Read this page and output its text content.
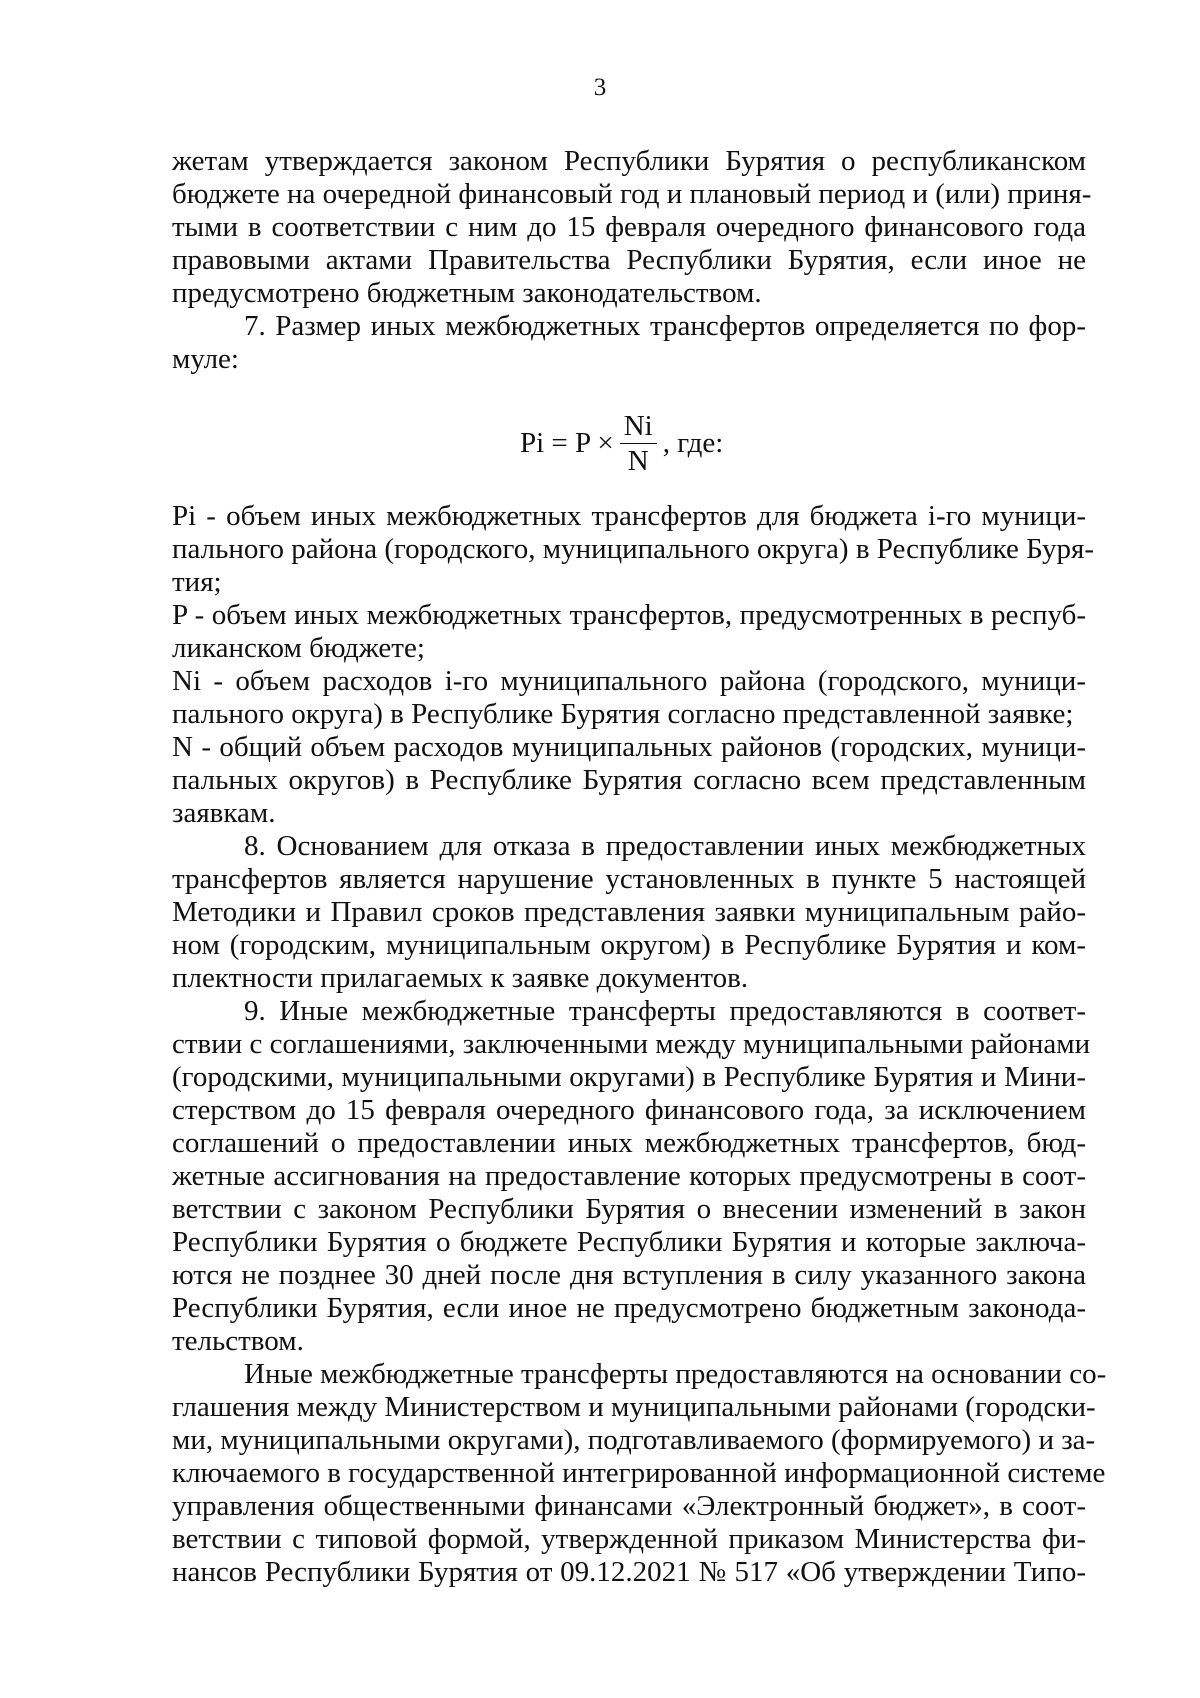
3
жетам утверждается законом Республики Бурятия о республиканском
бюджете на очередной финансовый год и плановый период и (или) приня-
тыми в соответствии с ним до 15 февраля очередного финансового года
правовыми актами Правительства Республики Бурятия, если иное не
предусмотрено бюджетным законодательством.
7. Размер иных межбюджетных трансфертов определяется по фор-
муле:
$Pi = P \times \frac{Ni}{N}$ , где:
Pi - объем иных межбюджетных трансфертов для бюджета i-го муници-
пального района (городского, муниципального округа) в Республике Буря-
тия;
P - объем иных межбюджетных трансфертов, предусмотренных в респуб-
ликанском бюджете;
Ni - объем расходов i-го муниципального района (городского, муници-
пального округа) в Республике Бурятия согласно представленной заявке;
N - общий объем расходов муниципальных районов (городских, муници-
пальных округов) в Республике Бурятия согласно всем представленным
заявкам.
8. Основанием для отказа в предоставлении иных межбюджетных
трансфертов является нарушение установленных в пункте 5 настоящей
Методики и Правил сроков представления заявки муниципальным райо-
ном (городским, муниципальным округом) в Республике Бурятия и ком-
плектности прилагаемых к заявке документов.
9. Иные межбюджетные трансферты предоставляются в соответ-
ствии с соглашениями, заключенными между муниципальными районами
(городскими, муниципальными округами) в Республике Бурятия и Мини-
стерством до 15 февраля очередного финансового года, за исключением
соглашений о предоставлении иных межбюджетных трансфертов, бюд-
жетные ассигнования на предоставление которых предусмотрены в соот-
ветствии с законом Республики Бурятия о внесении изменений в закон
Республики Бурятия о бюджете Республики Бурятия и которые заключа-
ются не позднее 30 дней после дня вступления в силу указанного закона
Республики Бурятия, если иное не предусмотрено бюджетным законода-
тельством.
Иные межбюджетные трансферты предоставляются на основании со-
глашения между Министерством и муниципальными районами (городски-
ми, муниципальными округами), подготавливаемого (формируемого) и за-
ключаемого в государственной интегрированной информационной системе
управления общественными финансами «Электронный бюджет», в соот-
ветствии с типовой формой, утвержденной приказом Министерства фи-
нансов Республики Бурятия от 09.12.2021 № 517 «Об утверждении Типо-
